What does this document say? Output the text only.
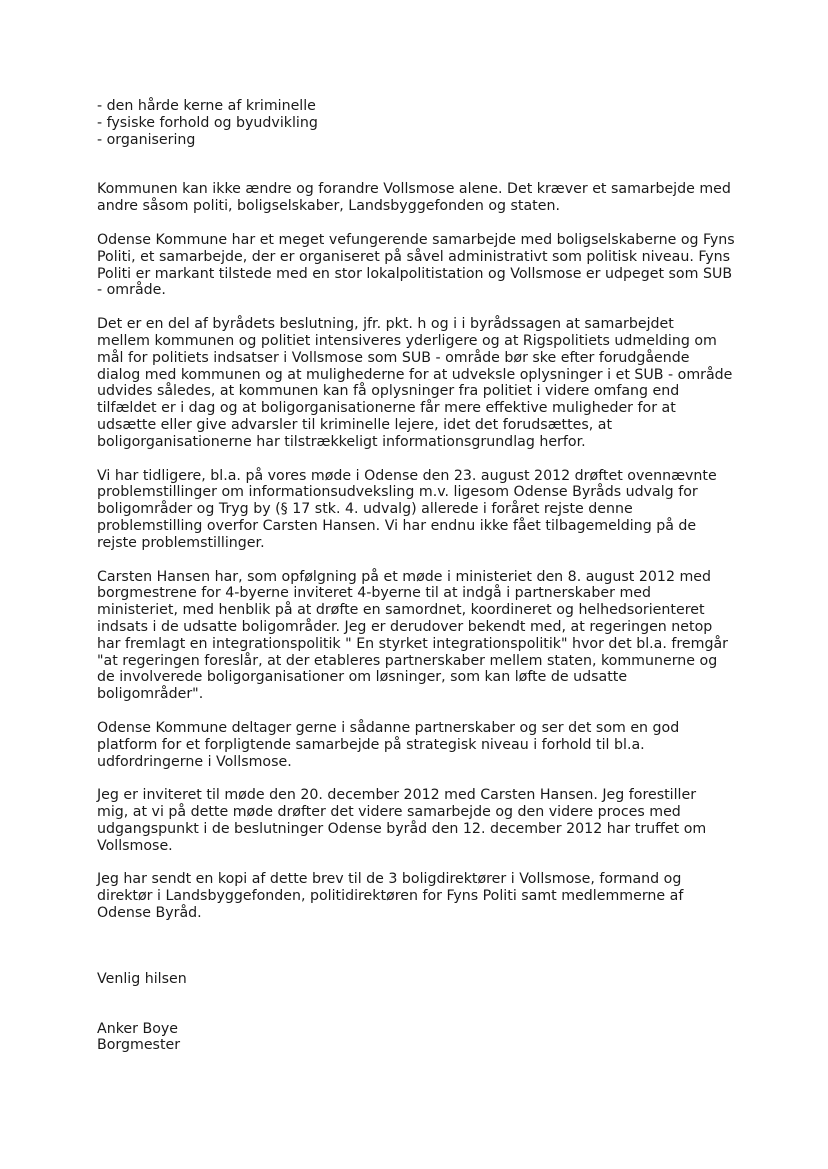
- den hårde kerne af kriminelle
- fysiske forhold og byudvikling
- organisering
Kommunen kan ikke ændre og forandre Vollsmose alene. Det kræver et samarbejde med
andre såsom politi, boligselskaber, Landsbyggefonden og staten.
Odense Kommune har et meget vefungerende samarbejde med boligselskaberne og Fyns
Politi, et samarbejde, der er organiseret på såvel administrativt som politisk niveau. Fyns
Politi er markant tilstede med en stor lokalpolitistation og Vollsmose er udpeget som SUB
- område.
Det er en del af byrådets beslutning, jfr. pkt. h og i i byrådssagen at samarbejdet
mellem kommunen og politiet intensiveres yderligere og at Rigspolitiets udmelding om
mål for politiets indsatser i Vollsmose som SUB - område bør ske efter forudgående
dialog med kommunen og at mulighederne for at udveksle oplysninger i et SUB - område
udvides således, at kommunen kan få oplysninger fra politiet i videre omfang end
tilfældet er i dag og at boligorganisationerne får mere effektive muligheder for at
udsætte eller give advarsler til kriminelle lejere, idet det forudsættes, at
boligorganisationerne har tilstrækkeligt informationsgrundlag herfor.
Vi har tidligere, bl.a. på vores møde i Odense den 23. august 2012 drøftet ovennævnte
problemstillinger om informationsudveksling m.v. ligesom Odense Byråds udvalg for
boligområder og Tryg by (§ 17 stk. 4. udvalg) allerede i foråret rejste denne
problemstilling overfor Carsten Hansen. Vi har endnu ikke fået tilbagemelding på de
rejste problemstillinger.
Carsten Hansen har, som opfølgning på et møde i ministeriet den 8. august 2012 med
borgmestrene for 4-byerne inviteret 4-byerne til at indgå i partnerskaber med
ministeriet, med henblik på at drøfte en samordnet, koordineret og helhedsorienteret
indsats i de udsatte boligområder. Jeg er derudover bekendt med, at regeringen netop
har fremlagt en integrationspolitik " En styrket integrationspolitik" hvor det bl.a. fremgår
"at regeringen foreslår, at der etableres partnerskaber mellem staten, kommunerne og
de involverede boligorganisationer om løsninger, som kan løfte de udsatte
boligområder".
Odense Kommune deltager gerne i sådanne partnerskaber og ser det som en god
platform for et forpligtende samarbejde på strategisk niveau i forhold til bl.a.
udfordringerne i Vollsmose.
Jeg er inviteret til møde den 20. december 2012 med Carsten Hansen. Jeg forestiller
mig, at vi på dette møde drøfter det videre samarbejde og den videre proces med
udgangspunkt i de beslutninger Odense byråd den 12. december 2012 har truffet om
Vollsmose.
Jeg har sendt en kopi af dette brev til de 3 boligdirektører i Vollsmose, formand og
direktør i Landsbyggefonden, politidirektøren for Fyns Politi samt medlemmerne af
Odense Byråd.
Venlig hilsen
Anker Boye
Borgmester
